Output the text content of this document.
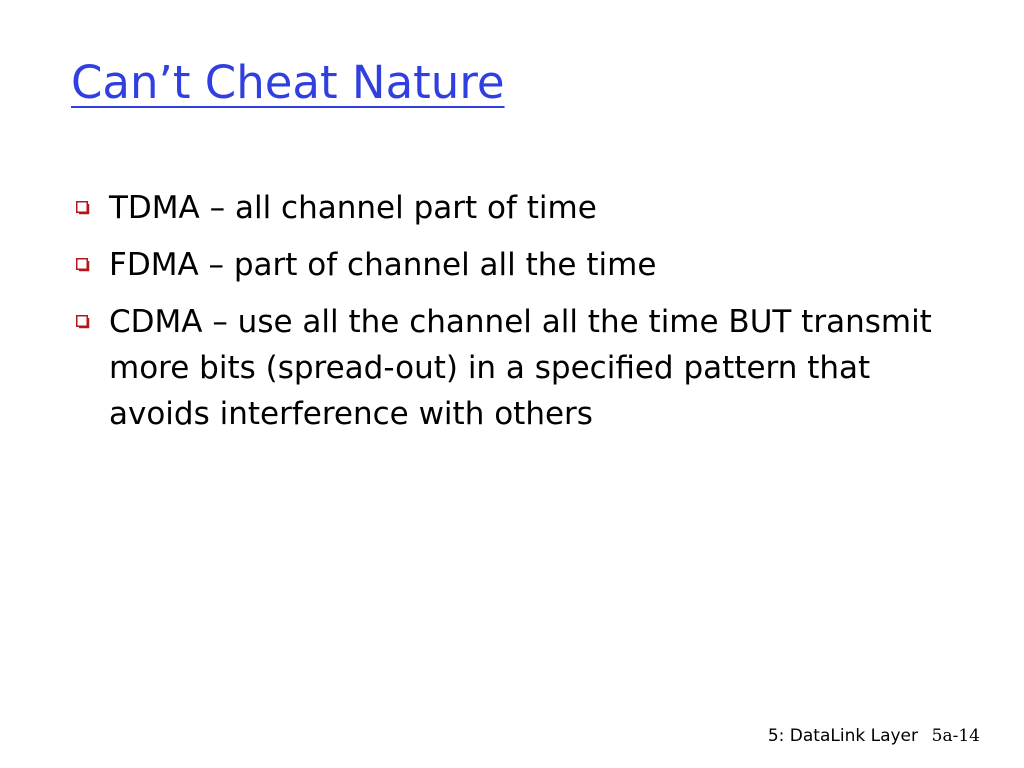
Can’t Cheat Nature
TDMA – all channel part of time
FDMA – part of channel all the time
CDMA – use all the channel all the time BUT transmit more bits (spread-out) in a specified pattern that avoids interference with others
5: DataLink Layer 5a-14
